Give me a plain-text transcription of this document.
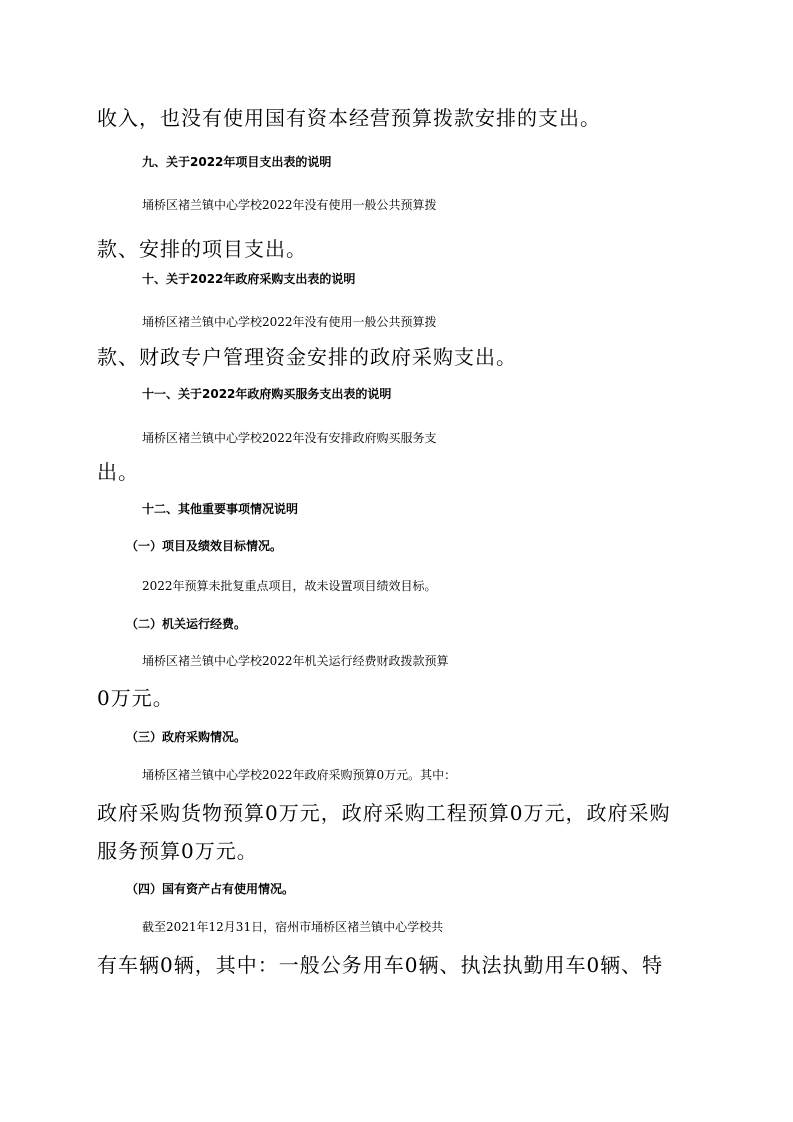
收入，也没有使用国有资本经营预算拨款安排的支出。
九、关于2022年项目支出表的说明
埇桥区褚兰镇中心学校2022年没有使用一般公共预算拨
款、安排的项目支出。
十、关于2022年政府采购支出表的说明
埇桥区褚兰镇中心学校2022年没有使用一般公共预算拨
款、财政专户管理资金安排的政府采购支出。
十一、关于2022年政府购买服务支出表的说明
埇桥区褚兰镇中心学校2022年没有安排政府购买服务支
出。
十二、其他重要事项情况说明
（一）项目及绩效目标情况。
2022年预算未批复重点项目，故未设置项目绩效目标。
（二）机关运行经费。
埇桥区褚兰镇中心学校2022年机关运行经费财政拨款预算
0万元。
（三）政府采购情况。
埇桥区褚兰镇中心学校2022年政府采购预算0万元。其中：
政府采购货物预算0万元，政府采购工程预算0万元，政府采购
服务预算0万元。
（四）国有资产占有使用情况。
截至2021年12月31日，宿州市埇桥区褚兰镇中心学校共
有车辆0辆，其中：一般公务用车0辆、执法执勤用车0辆、特
